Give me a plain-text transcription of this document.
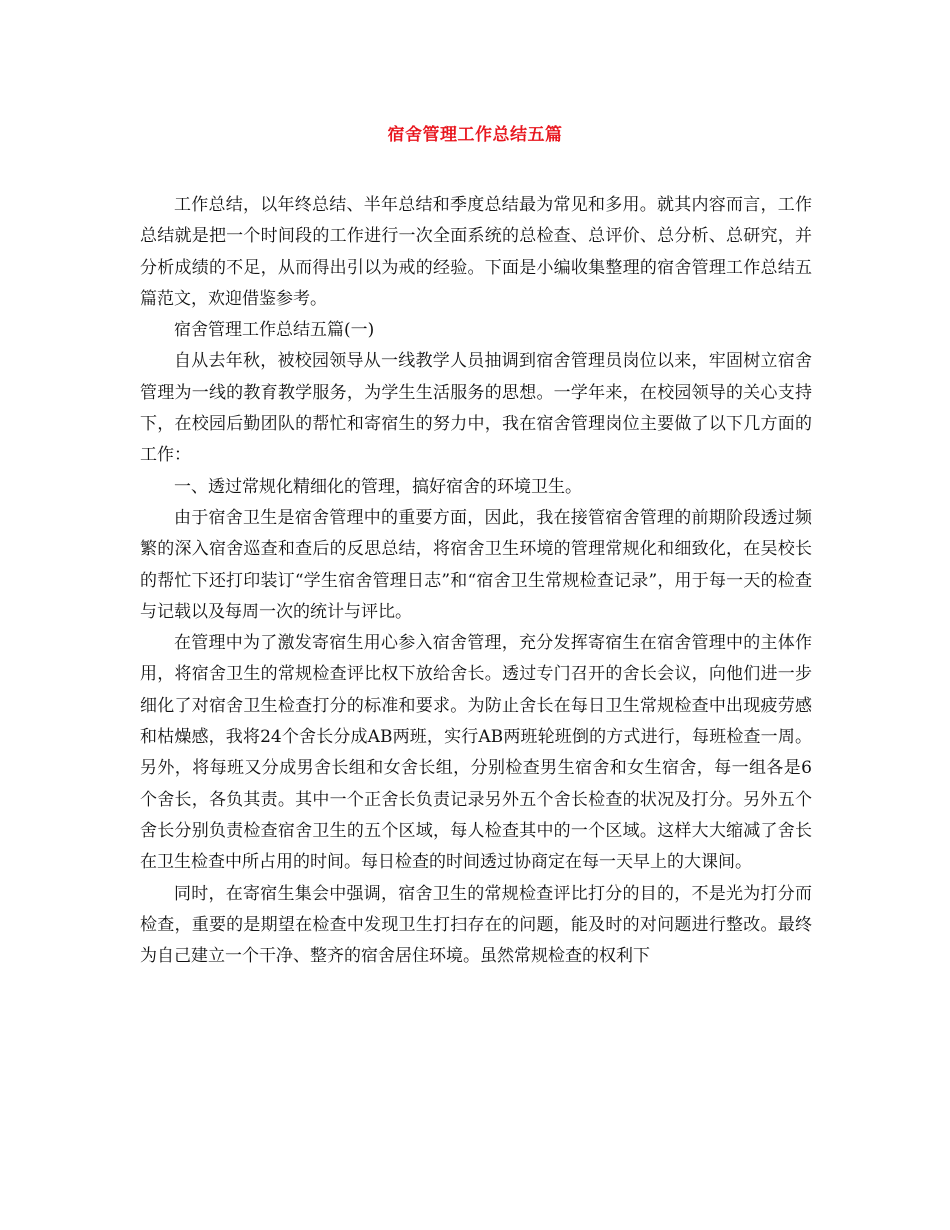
宿舍管理工作总结五篇

工作总结，以年终总结、半年总结和季度总结最为常见和多用。就其内容而言，工作总结就是把一个时间段的工作进行一次全面系统的总检查、总评价、总分析、总研究，并分析成绩的不足，从而得出引以为戒的经验。下面是小编收集整理的宿舍管理工作总结五篇范文，欢迎借鉴参考。

宿舍管理工作总结五篇(一)

自从去年秋，被校园领导从一线教学人员抽调到宿舍管理员岗位以来，牢固树立宿舍管理为一线的教育教学服务，为学生生活服务的思想。一学年来，在校园领导的关心支持下，在校园后勤团队的帮忙和寄宿生的努力中，我在宿舍管理岗位主要做了以下几方面的工作：

一、透过常规化精细化的管理，搞好宿舍的环境卫生。

由于宿舍卫生是宿舍管理中的重要方面，因此，我在接管宿舍管理的前期阶段透过频繁的深入宿舍巡查和查后的反思总结，将宿舍卫生环境的管理常规化和细致化，在吴校长的帮忙下还打印装订“学生宿舍管理日志”和“宿舍卫生常规检查记录”，用于每一天的检查与记载以及每周一次的统计与评比。

在管理中为了激发寄宿生用心参入宿舍管理，充分发挥寄宿生在宿舍管理中的主体作用，将宿舍卫生的常规检查评比权下放给舍长。透过专门召开的舍长会议，向他们进一步细化了对宿舍卫生检查打分的标准和要求。为防止舍长在每日卫生常规检查中出现疲劳感和枯燥感，我将24个舍长分成AB两班，实行AB两班轮班倒的方式进行，每班检查一周。另外，将每班又分成男舍长组和女舍长组，分别检查男生宿舍和女生宿舍，每一组各是6个舍长，各负其责。其中一个正舍长负责记录另外五个舍长检查的状况及打分。另外五个舍长分别负责检查宿舍卫生的五个区域，每人检查其中的一个区域。这样大大缩减了舍长在卫生检查中所占用的时间。每日检查的时间透过协商定在每一天早上的大课间。

同时，在寄宿生集会中强调，宿舍卫生的常规检查评比打分的目的，不是光为打分而检查，重要的是期望在检查中发现卫生打扫存在的问题，能及时的对问题进行整改。最终为自己建立一个干净、整齐的宿舍居住环境。虽然常规检查的权利下
